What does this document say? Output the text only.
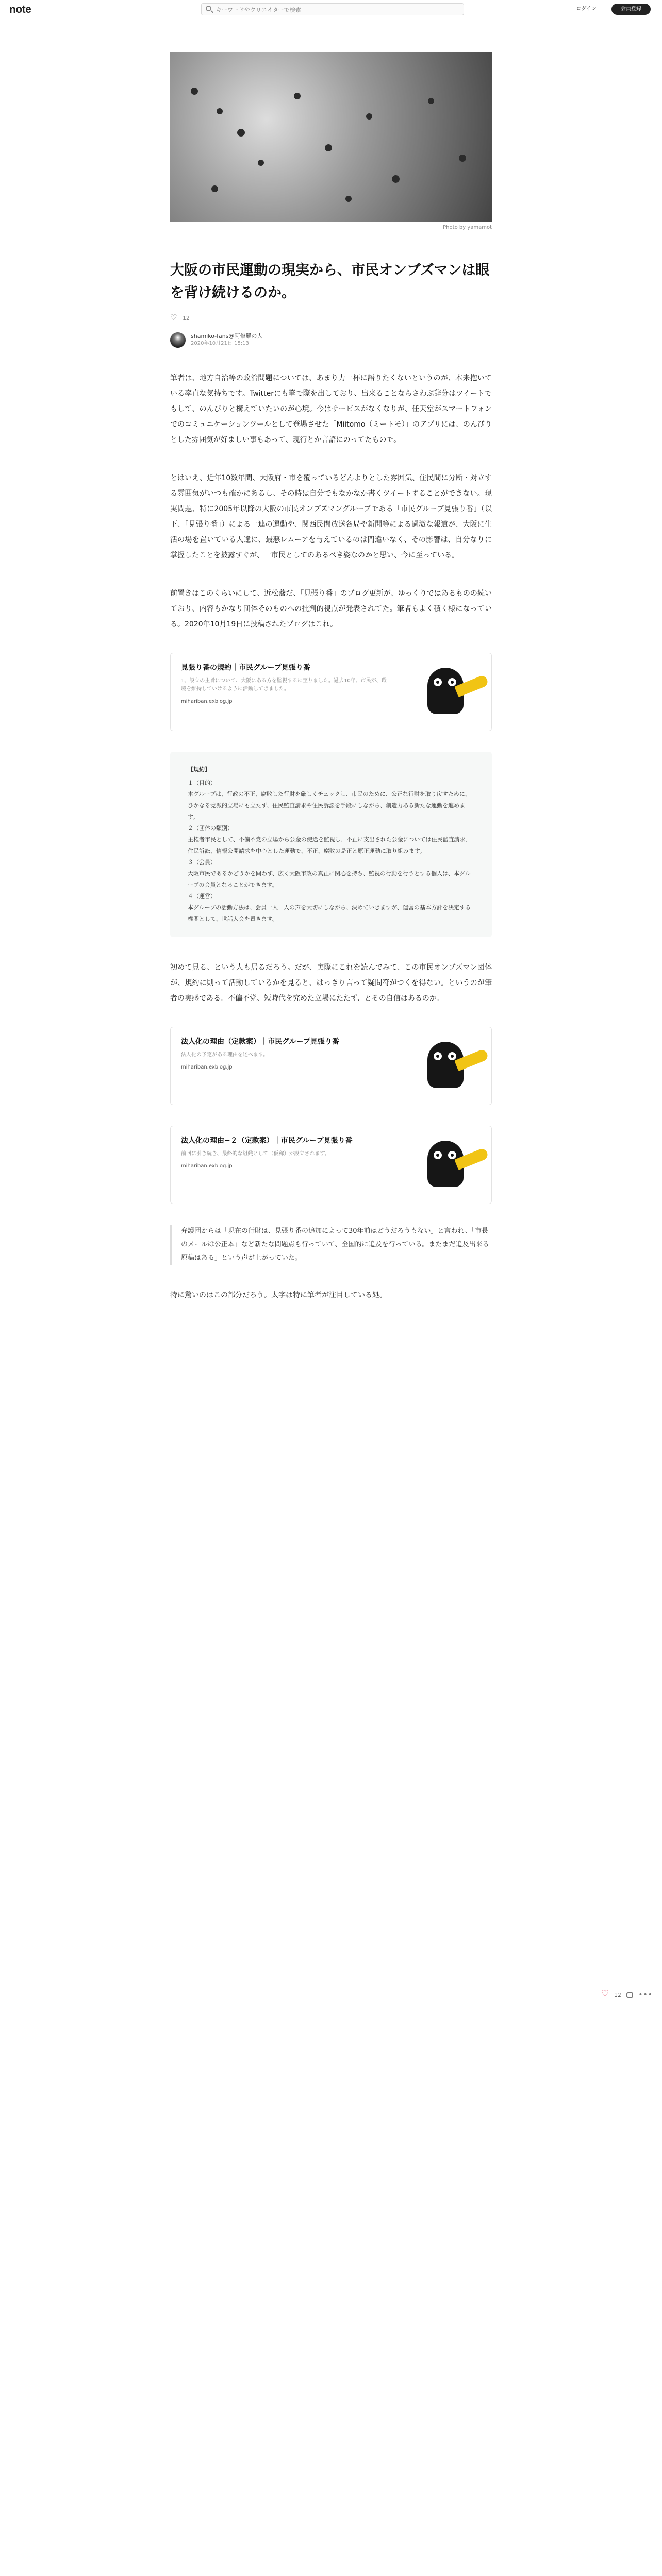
note
キーワードやクリエイターで検索	ログイン	会員登録
Photo by yamamot
大阪の市民運動の現実から、市民オンブズマンは眼を背け続けるのか。
♡
12
shamiko-fans@阿修羅の人
2020年10月21日 15:13
筆者は、地方自治等の政治問題については、あまり力一杯に語りたくないというのが、本来抱いている率直な気持ちです。Twitterにも筆で際を出しており、出来ることならさわぶ辞分はツイートでもして、のんびりと構えていたいのが心境。今はサービスがなくなりが、任天堂がスマートフォンでのコミュニケーションツールとして登場させた「Miitomo（ミートモ）」のアプリには、のんびりとした雰囲気が好ましい事もあって、現行とか言語にのってたもので。
とはいえ、近年10数年間、大阪府・市を覆っているどんよりとした雰囲気、住民間に分断・対立する雰囲気がいつも確かにあるし、その時は自分でもなかなか書くツイートすることができない。現実問題、特に2005年以降の大阪の市民オンブズマングループである「市民グループ見張り番」（以下、「見張り番」）による一連の運動や、関西民間放送各局や新聞等による過激な報道が、大阪に生活の場を置いている人達に、最悪レムーアを与えているのは間違いなく、その影響は、自分なりに掌握したことを披露すぐが、一市民としてのあるべき姿なのかと思い、今に至っている。
前置きはこのくらいにして、近松蕎だ、「見張り番」のブログ更新が、ゆっくりではあるものの続いており、内容もかなり団体そのものへの批判的視点が発表されてた。筆者もよく積く様になっている。2020年10月19日に投稿されたブログはこれ。
見張り番の規約｜市民グループ見張り番
1、設立の主旨について、大阪にある方を監視するに至りました。過去10年、市民が、環境を維持していけるように活動してきました。
mihariban.exblog.jp
【規約】
１（目的）
本グループは、行政の不正、腐敗した行財を厳しくチェックし、市民のために、公正な行財を取り戻すために、ひかなる党派的立場にも立たず、住民監査請求や住民訴訟を手段にしながら、創造力ある新たな運動を進めます。
２（団体の類別）
主権者市民として、不偏不党の立場から公金の使途を監視し、不正に支出された公金については住民監査請求、住民訴訟、情報公開請求を中心とした運動で、不正、腐敗の是正と原正運動に取り組みます。
３（会員）
大阪市民であるかどうかを問わず、広く大阪市政の真正に関心を持ち、監視の行動を行うとする個人は、本グループの会員となることができます。
４（運営）
本グループの活動方法は、会員一人一人の声を大切にしながら、決めていきますが、運営の基本方針を決定する機関として、世話人会を置きます。
初めて見る、という人も居るだろう。だが、実際にこれを読んでみて、この市民オンブズマン団体が、規約に則って活動しているかを見ると、はっきり言って疑問符がつくを得ない。というのが筆者の実感である。不偏不党、短時代を究めた立場にたたず、とその自信はあるのか。
法人化の理由（定款案）｜市民グループ見張り番
法人化の予定がある理由を述べます。
mihariban.exblog.jp
法人化の理由−２（定款案）｜市民グループ見張り番
前回に引き続き、最終的な組織として（仮称）が設立されます。
mihariban.exblog.jp
弁護団からは「現在の行財は、見張り番の追加によって30年前はどうだろうもない」と言われ、「市長のメールは公正本」など新たな問題点も行っていて、全国的に追及を行っている。またまだ追及出来る原稿はある」という声が上がっていた。
特に驚いのはこの部分だろう。太字は特に筆者が注目している処。
♡
12 •••
